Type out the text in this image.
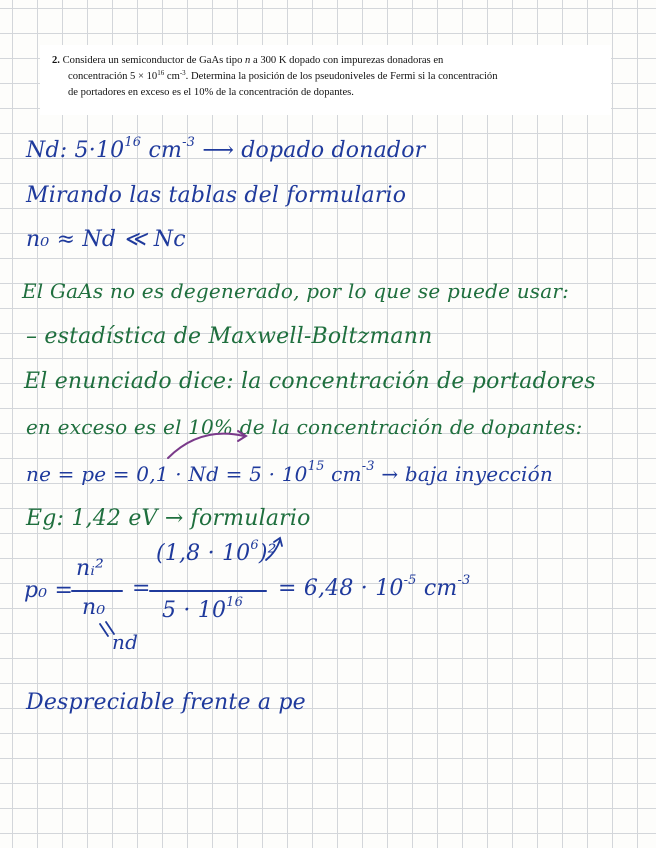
2. Considera un semiconductor de GaAs tipo n a 300 K dopado con impurezas donadoras en
concentración $5 \times 10^{16}$ $cm^{-3}$. Determina la posición de los pseudoniveles de Fermi si la concentración
de portadores en exceso es el 10% de la concentración de dopantes.
Nd: $5\cdot 10^{16}$ $cm^{-3}$ ⟶ dopado donador
Mirando las tablas del formulario
n₀ ≈ Nd ≪ Nc
El GaAs no es degenerado, por lo que se puede usar:
– estadística de Maxwell-Boltzmann
El enunciado dice: la concentración de portadores
en exceso es el 10% de la concentración de dopantes:
ne = pe = $0,1 \cdot Nd = 5 \cdot 10^{15}$ $cm^{-3}$ → baja inyección
Eg: 1,42 eV → formulario
p₀ =
nᵢ²
n₀
=
$(1,8 \cdot 10^6)^2$
$5 \cdot 10^{16}$
= $6,48 \cdot 10^{-5}$ $cm^{-3}$
nd
Despreciable frente a pe
